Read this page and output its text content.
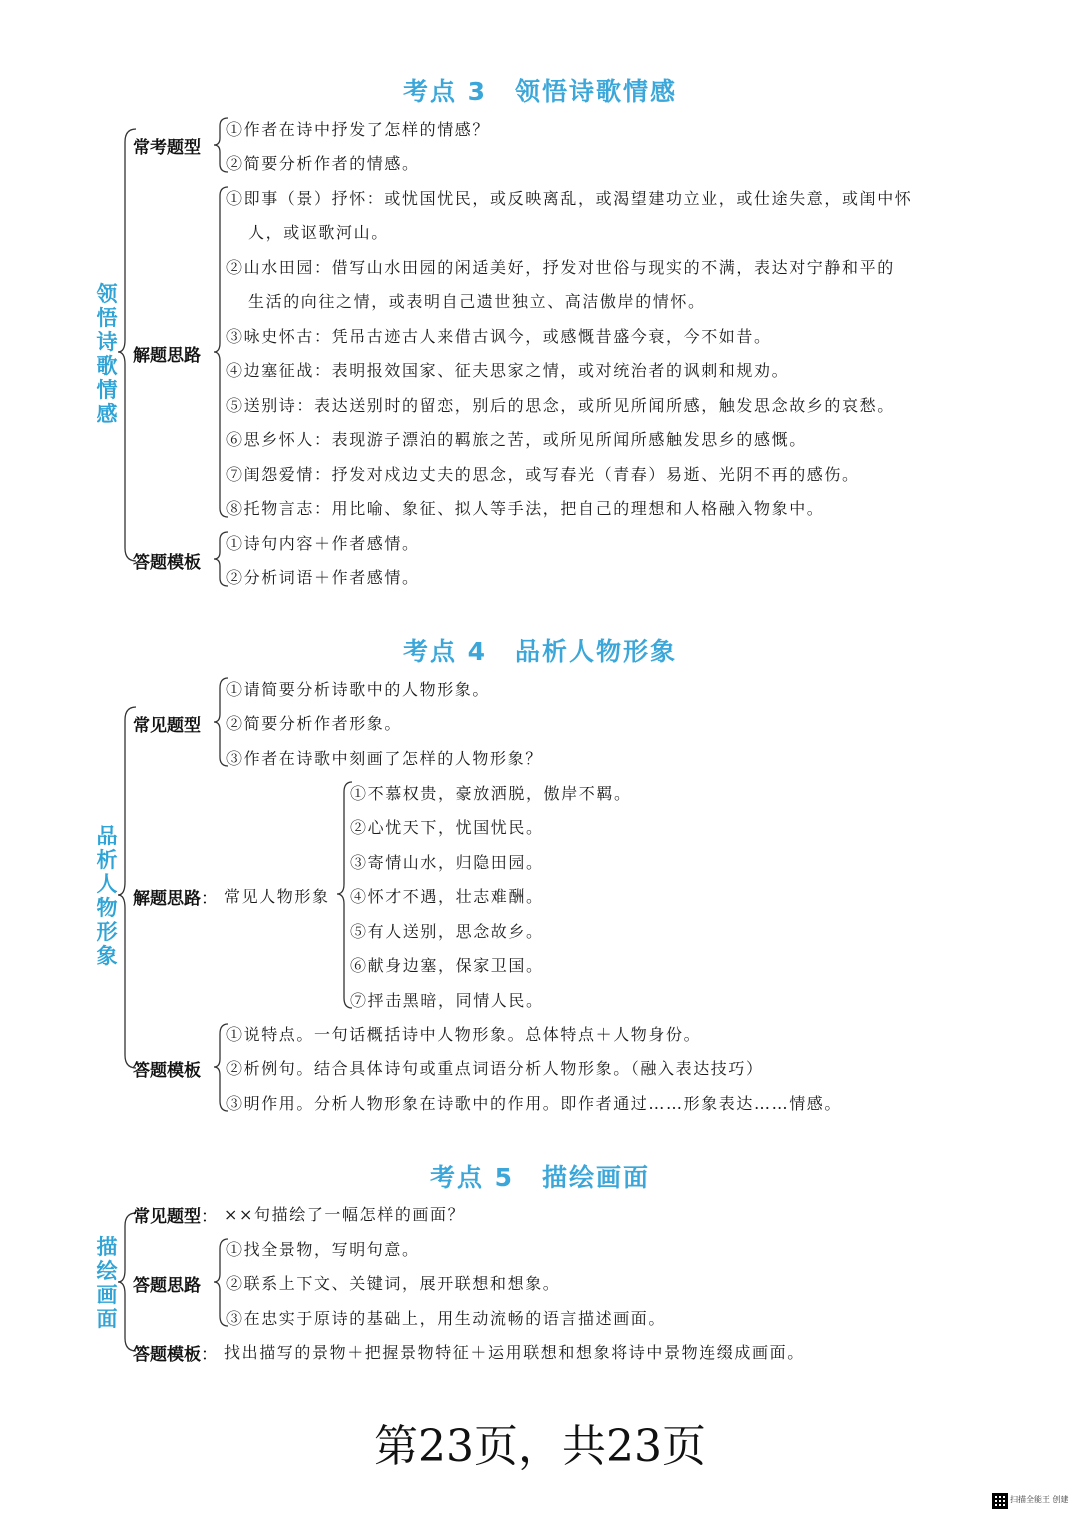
考点 3 领悟诗歌情感
领
悟
诗
歌
情
感
常考题型
①作者在诗中抒发了怎样的情感？
②简要分析作者的情感。
解题思路
①即事（景）抒怀：或忧国忧民，或反映离乱，或渴望建功立业，或仕途失意，或闺中怀
人，或讴歌河山。
②山水田园：借写山水田园的闲适美好，抒发对世俗与现实的不满，表达对宁静和平的
生活的向往之情，或表明自己遗世独立、高洁傲岸的情怀。
③咏史怀古：凭吊古迹古人来借古讽今，或感慨昔盛今衰，今不如昔。
④边塞征战：表明报效国家、征夫思家之情，或对统治者的讽刺和规劝。
⑤送别诗：表达送别时的留恋，别后的思念，或所见所闻所感，触发思念故乡的哀愁。
⑥思乡怀人：表现游子漂泊的羁旅之苦，或所见所闻所感触发思乡的感慨。
⑦闺怨爱情：抒发对戍边丈夫的思念，或写春光（青春）易逝、光阴不再的感伤。
⑧托物言志：用比喻、象征、拟人等手法，把自己的理想和人格融入物象中。
答题模板
①诗句内容＋作者感情。
②分析词语＋作者感情。
考点 4 品析人物形象
品
析
人
物
形
象
常见题型
①请简要分析诗歌中的人物形象。
②简要分析作者形象。
③作者在诗歌中刻画了怎样的人物形象？
解题思路： 常见人物形象
①不慕权贵，豪放洒脱，傲岸不羁。
②心忧天下，忧国忧民。
③寄情山水，归隐田园。
④怀才不遇，壮志难酬。
⑤有人送别，思念故乡。
⑥献身边塞，保家卫国。
⑦抨击黑暗，同情人民。
答题模板
①说特点。一句话概括诗中人物形象。总体特点＋人物身份。
②析例句。结合具体诗句或重点词语分析人物形象。（融入表达技巧）
③明作用。分析人物形象在诗歌中的作用。即作者通过……形象表达……情感。
考点 5 描绘画面
描
绘
画
面
常见题型： ××句描绘了一幅怎样的画面？
答题思路
①找全景物，写明句意。
②联系上下文、关键词，展开联想和想象。
③在忠实于原诗的基础上，用生动流畅的语言描述画面。
答题模板： 找出描写的景物＋把握景物特征＋运用联想和想象将诗中景物连缀成画面。
第23页，共23页
扫描全能王 创建
